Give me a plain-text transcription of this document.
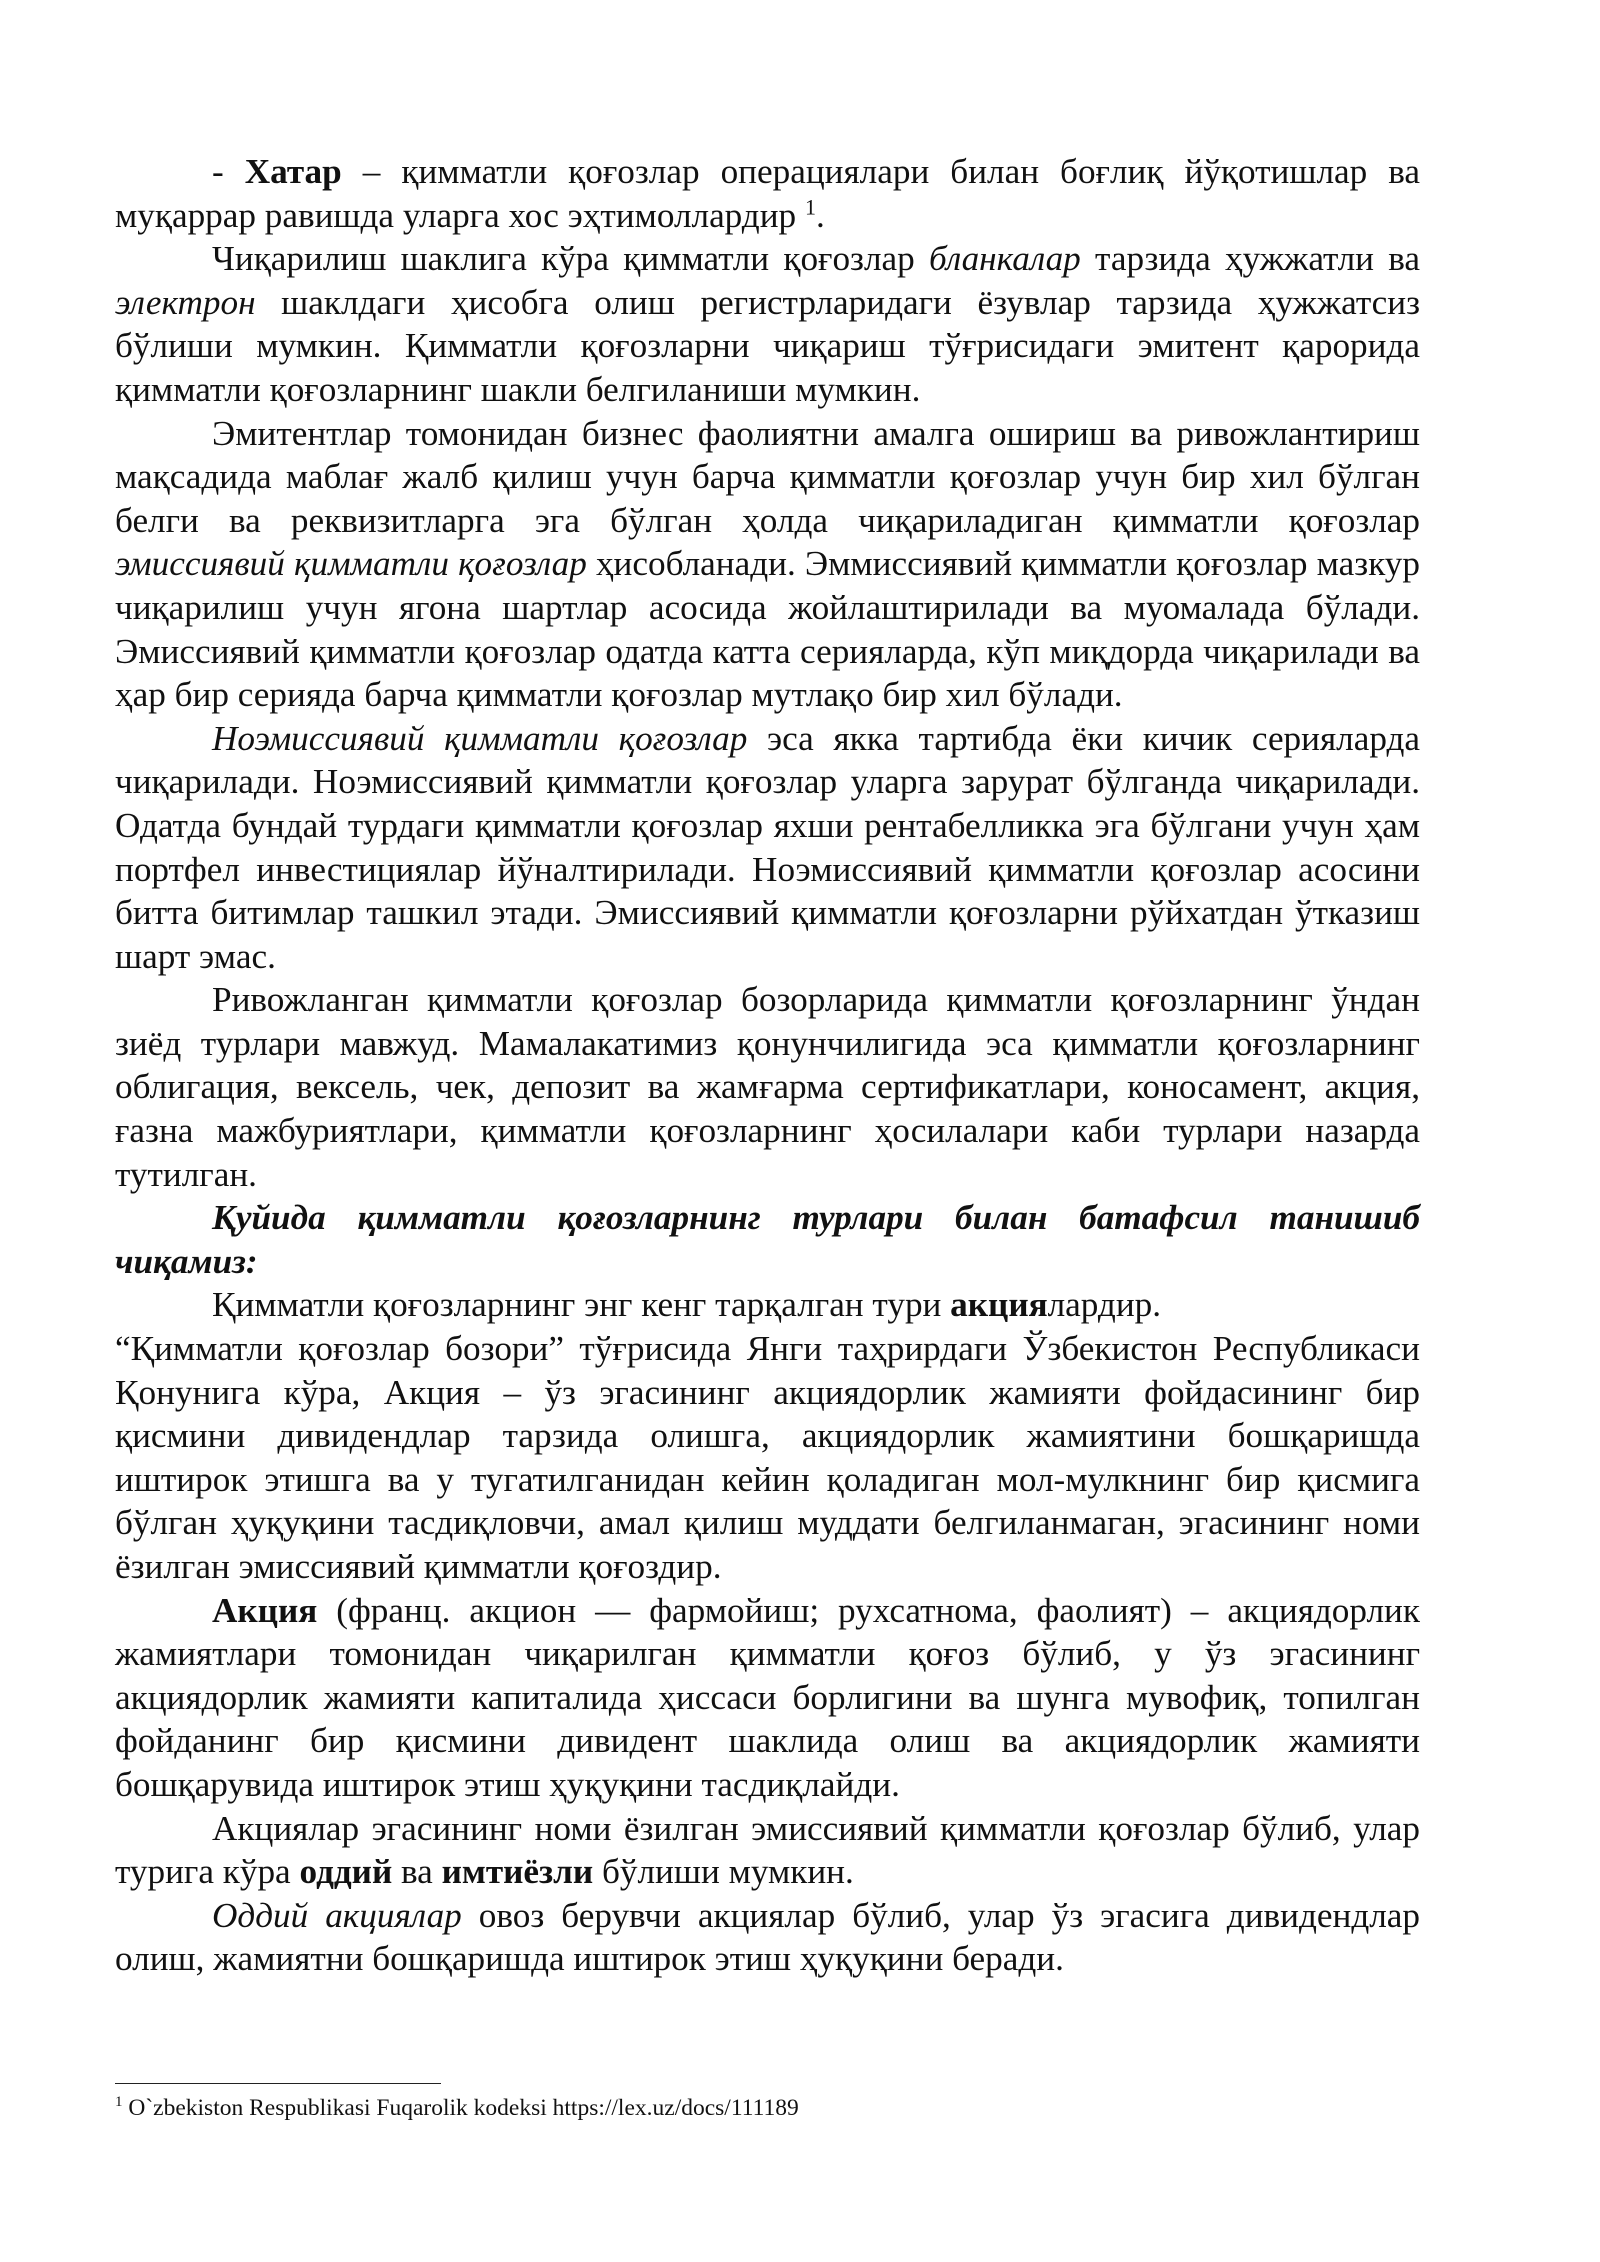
- Хатар – қимматли қоғозлар операциялари билан боғлиқ йўқотишлар ва муқаррар равишда уларга хос эҳтимоллардир $^1$.

Чиқарилиш шаклига кўра қимматли қоғозлар бланкалар тарзида ҳужжатли ва электрон шаклдаги ҳисобга олиш регистрларидаги ёзувлар тарзида ҳужжатсиз бўлиши мумкин. Қимматли қоғозларни чиқариш тўғрисидаги эмитент қарорида қимматли қоғозларнинг шакли белгиланиши мумкин.

Эмитентлар томонидан бизнес фаолиятни амалга ошириш ва ривожлантириш мақсадида маблағ жалб қилиш учун барча қимматли қоғозлар учун бир хил бўлган белги ва реквизитларга эга бўлган ҳолда чиқариладиган қимматли қоғозлар эмиссиявий қимматли қоғозлар ҳисобланади. Эммиссиявий қимматли қоғозлар мазкур чиқарилиш учун ягона шартлар асосида жойлаштирилади ва муомалада бўлади. Эмиссиявий қимматли қоғозлар одатда катта серияларда, кўп миқдорда чиқарилади ва ҳар бир серияда барча қимматли қоғозлар мутлақо бир хил бўлади.

Ноэмиссиявий қимматли қоғозлар эса якка тартибда ёки кичик серияларда чиқарилади. Ноэмиссиявий қимматли қоғозлар уларга зарурат бўлганда чиқарилади. Одатда бундай турдаги қимматли қоғозлар яхши рентабелликка эга бўлгани учун ҳам портфел инвестициялар йўналтирилади. Ноэмиссиявий қимматли қоғозлар асосини битта битимлар ташкил этади. Эмиссиявий қимматли қоғозларни рўйхатдан ўтказиш шарт эмас.

Ривожланган қимматли қоғозлар бозорларида қимматли қоғозларнинг ўндан зиёд турлари мавжуд. Мамалакатимиз қонунчилигида эса қимматли қоғозларнинг облигация, вексель, чек, депозит ва жамғарма сертификатлари, коносамент, акция, ғазна мажбуриятлари, қимматли қоғозларнинг ҳосилалари каби турлари назарда тутилган.

Қуйида қимматли қоғозларнинг турлари билан батафсил танишиб чиқамиз:

Қимматли қоғозларнинг энг кенг тарқалган тури акциялардир.

“Қимматли қоғозлар бозори” тўғрисида Янги таҳрирдаги Ўзбекистон Республикаси Қонунига кўра, Акция – ўз эгасининг акциядорлик жамияти фойдасининг бир қисмини дивидендлар тарзида олишга, акциядорлик жамиятини бошқаришда иштирок этишга ва у тугатилганидан кейин қоладиган мол-мулкнинг бир қисмига бўлган ҳуқуқини тасдиқловчи, амал қилиш муддати белгиланмаган, эгасининг номи ёзилган эмиссиявий қимматли қоғоздир.

Акция (франц. акцион — фармойиш; рухсатнома, фаолият) – акциядорлик жамиятлари томонидан чиқарилган қимматли қоғоз бўлиб, у ўз эгасининг акциядорлик жамияти капиталида ҳиссаси борлигини ва шунга мувофиқ, топилган фойданинг бир қисмини дивидент шаклида олиш ва акциядорлик жамияти бошқарувида иштирок этиш ҳуқуқини тасдиқлайди.

Акциялар эгасининг номи ёзилган эмиссиявий қимматли қоғозлар бўлиб, улар турига кўра оддий ва имтиёзли бўлиши мумкин.

Оддий акциялар овоз берувчи акциялар бўлиб, улар ўз эгасига дивидендлар олиш, жамиятни бошқаришда иштирок этиш ҳуқуқини беради.

$^1$ O`zbekiston Respublikasi Fuqarolik kodeksi https://lex.uz/docs/111189
